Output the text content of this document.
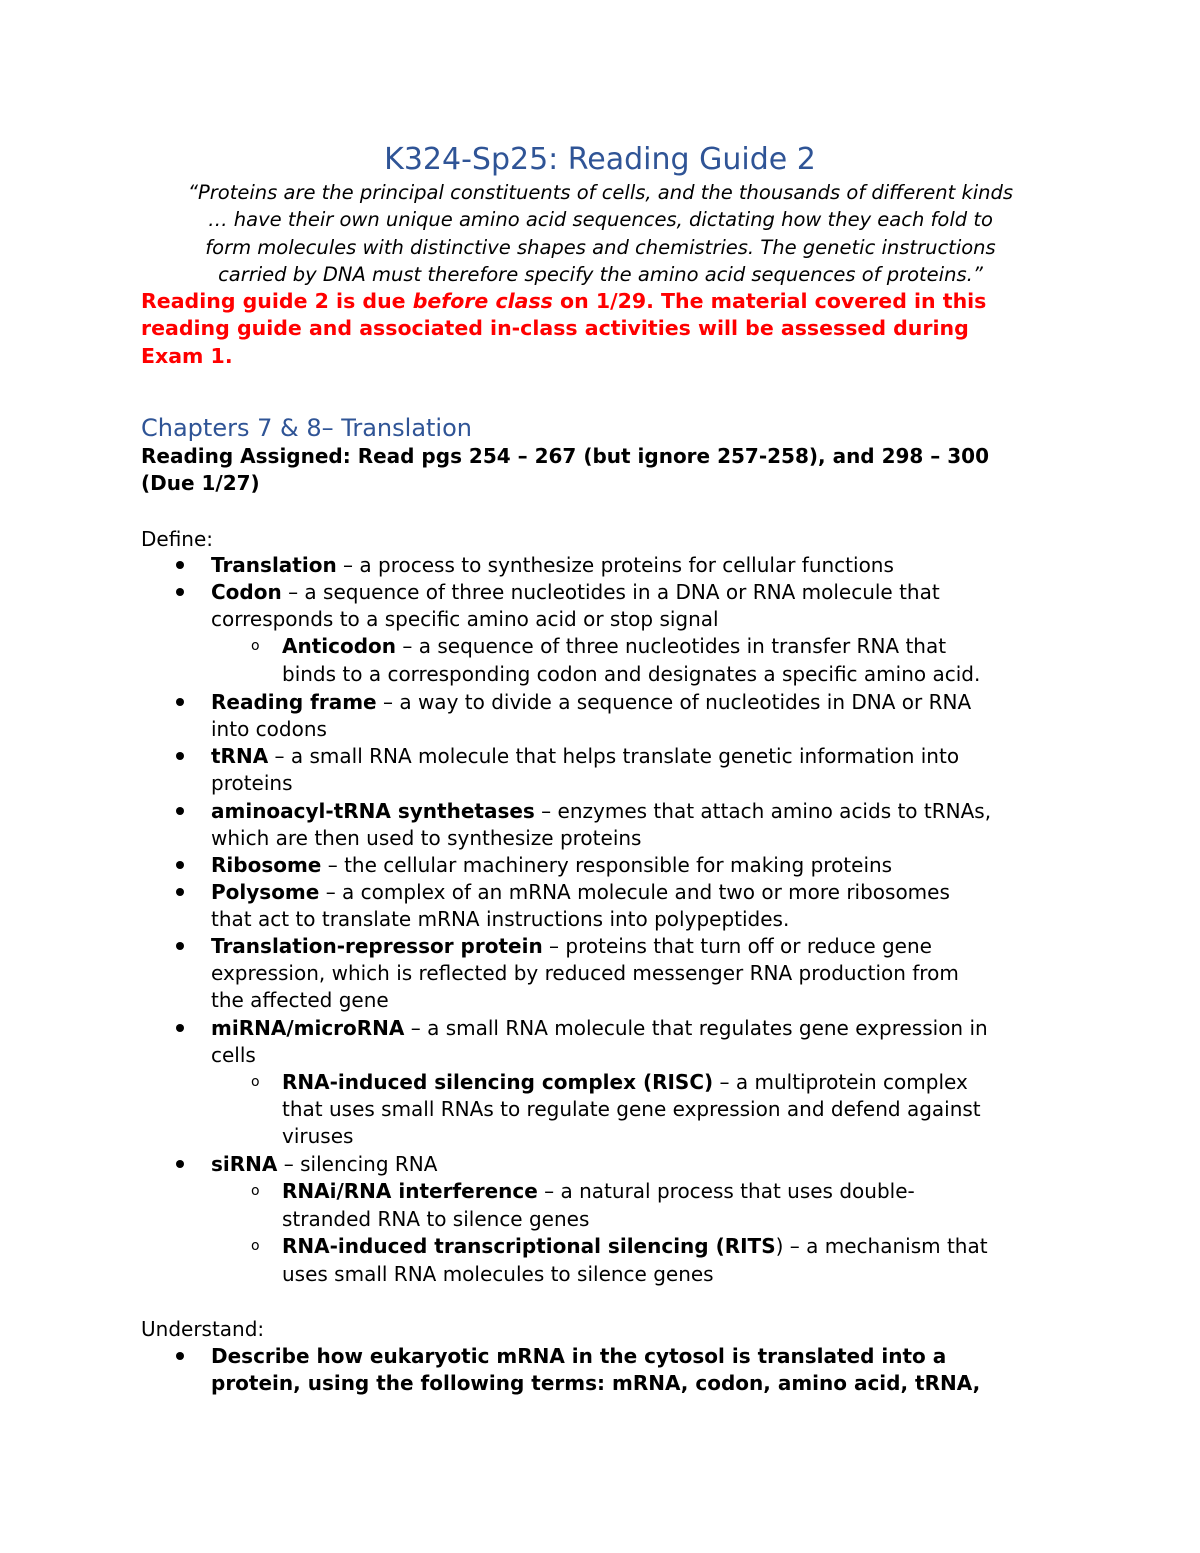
K324-Sp25: Reading Guide 2
“Proteins are the principal constituents of cells, and the thousands of different kinds
… have their own unique amino acid sequences, dictating how they each fold to
form molecules with distinctive shapes and chemistries. The genetic instructions
carried by DNA must therefore specify the amino acid sequences of proteins.”
Reading guide 2 is due before class on 1/29. The material covered in this
reading guide and associated in-class activities will be assessed during
Exam 1.
Chapters 7 & 8– Translation
Reading Assigned: Read pgs 254 – 267 (but ignore 257-258), and 298 – 300
(Due 1/27)
Define:
Translation – a process to synthesize proteins for cellular functions
Codon – a sequence of three nucleotides in a DNA or RNA molecule that
corresponds to a specific amino acid or stop signal
o Anticodon – a sequence of three nucleotides in transfer RNA that
binds to a corresponding codon and designates a specific amino acid.
Reading frame – a way to divide a sequence of nucleotides in DNA or RNA
into codons
tRNA – a small RNA molecule that helps translate genetic information into
proteins
aminoacyl-tRNA synthetases – enzymes that attach amino acids to tRNAs,
which are then used to synthesize proteins
Ribosome – the cellular machinery responsible for making proteins
Polysome – a complex of an mRNA molecule and two or more ribosomes
that act to translate mRNA instructions into polypeptides.
Translation-repressor protein – proteins that turn off or reduce gene
expression, which is reflected by reduced messenger RNA production from
the affected gene
miRNA/microRNA – a small RNA molecule that regulates gene expression in
cells
o RNA-induced silencing complex (RISC) – a multiprotein complex
that uses small RNAs to regulate gene expression and defend against
viruses
siRNA – silencing RNA
o RNAi/RNA interference – a natural process that uses double-
stranded RNA to silence genes
o RNA-induced transcriptional silencing (RITS) – a mechanism that
uses small RNA molecules to silence genes
Understand:
Describe how eukaryotic mRNA in the cytosol is translated into a
protein, using the following terms: mRNA, codon, amino acid, tRNA,
